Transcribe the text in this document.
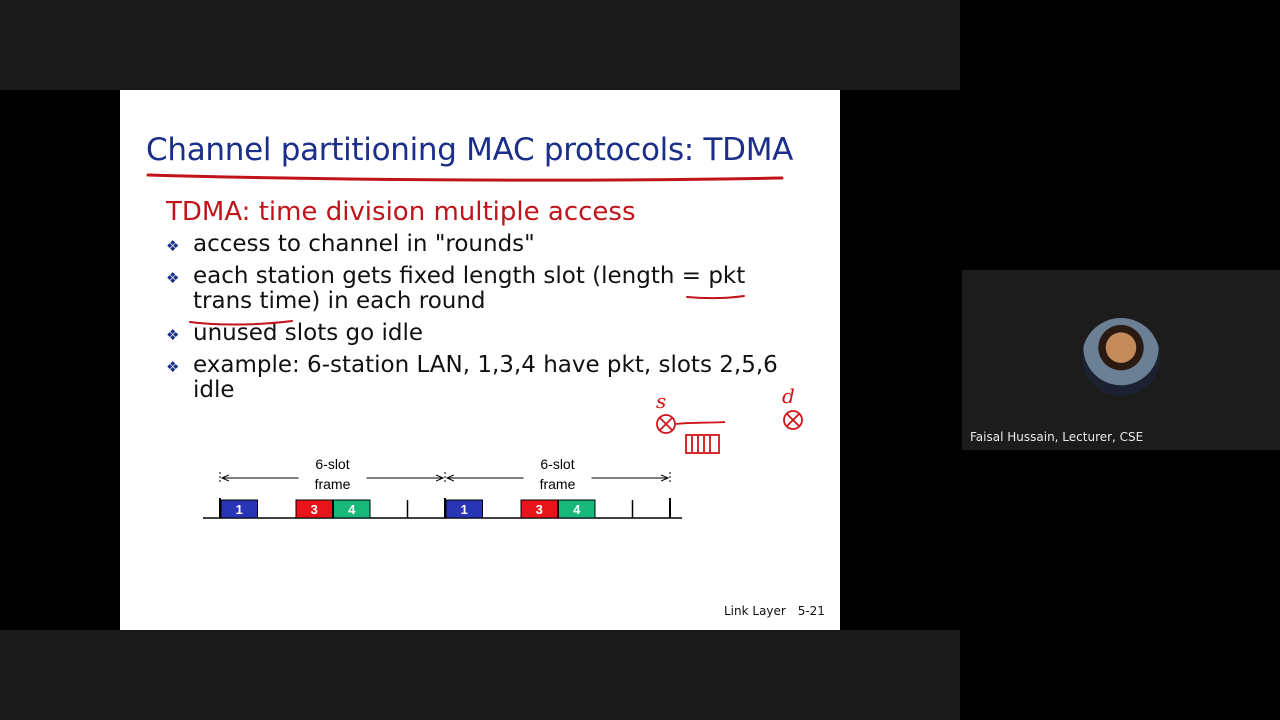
Channel partitioning MAC protocols: TDMA
TDMA: time division multiple access
❖ access to channel in "rounds"
❖ each station gets fixed length slot (length = pkt trans time) in each round
❖ unused slots go idle
❖ example: 6-station LAN, 1,3,4 have pkt, slots 2,5,6 idle
6-slot
frame
1	3 4
6-slot
frame
1	3 4
s	d
Link Layer 5-21
Faisal Hussain, Lecturer, CSE
